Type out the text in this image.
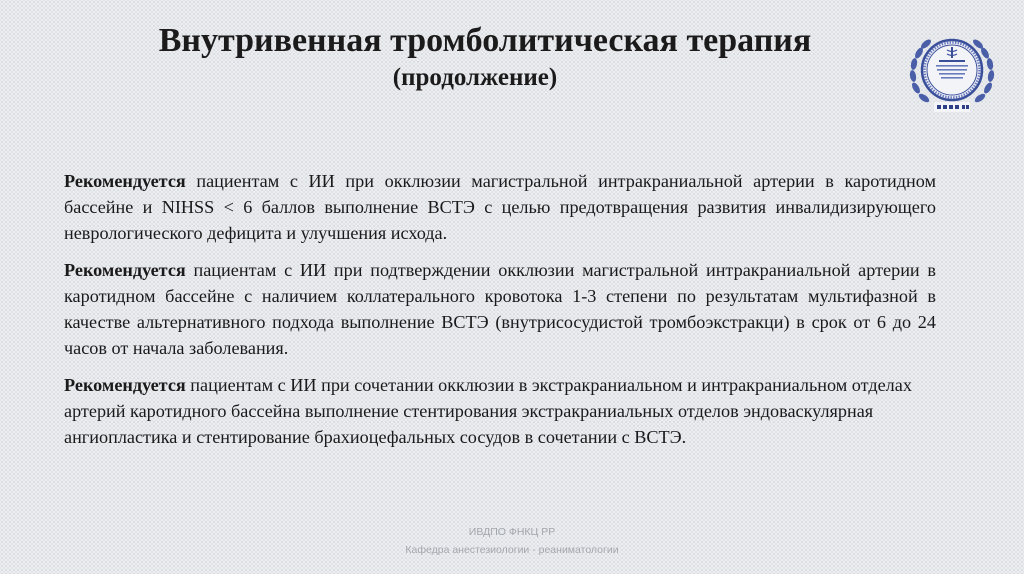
Внутривенная тромболитическая терапия
(продолжение)

Рекомендуется пациентам с ИИ при окклюзии магистральной интракраниальной артерии в каротидном бассейне и NIHSS < 6 баллов выполнение ВСТЭ с целью предотвращения развития инвалидизирующего неврологического дефицита и улучшения исхода.

Рекомендуется пациентам с ИИ при подтверждении окклюзии магистральной интракраниальной артерии в каротидном бассейне с наличием коллатерального кровотока 1-3 степени по результатам мультифазной в качестве альтернативного подхода выполнение ВСТЭ (внутрисосудистой тромбоэкстракци) в срок от 6 до 24 часов от начала заболевания.

Рекомендуется пациентам с ИИ при сочетании окклюзии в экстракраниальном и интракраниальном отделах артерий каротидного бассейна выполнение стентирования экстракраниальных отделов эндоваскулярная ангиопластика и стентирование брахиоцефальных сосудов в сочетании с ВСТЭ.

ИВДПО ФНКЦ РР
Кафедра анестезиологии - реаниматологии
